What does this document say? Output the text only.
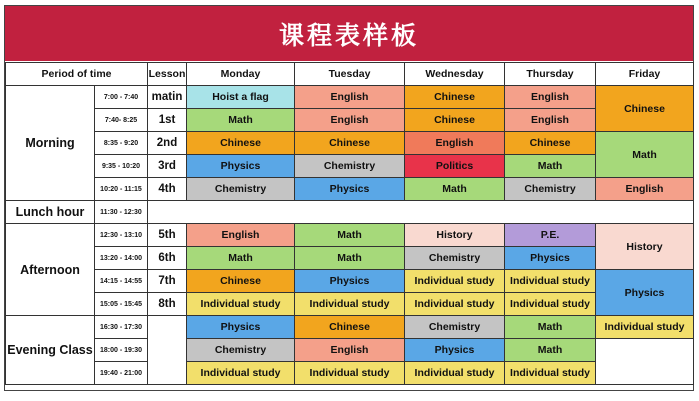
课程表样板
Period of time		Lesson	Monday	Tuesday	Wednesday	Thursday	Friday
Morning	7:00 - 7:40	matin	Hoist a flag	English	Chinese	English	Chinese
	7:40- 8:25	1st	Math	English	Chinese	English	
	8:35 - 9:20	2nd	Chinese	Chinese	English	Chinese	Math
	9:35 - 10:20	3rd	Physics	Chemistry	Politics	Math	
	10:20 - 11:15	4th	Chemistry	Physics	Math	Chemistry	English
Lunch hour	11:30 - 12:30						
Afternoon	12:30 - 13:10	5th	English	Math	History	P.E.	History
	13:20 - 14:00	6th	Math	Math	Chemistry	Physics	
	14:15 - 14:55	7th	Chinese	Physics	Individual study	Individual study	Physics
	15:05 - 15:45	8th	Individual study	Individual study	Individual study	Individual study	
Evening Class	16:30 - 17:30		Physics	Chinese	Chemistry	Math	Individual study
	18:00 - 19:30		Chemistry	English	Physics	Math	
	19:40 - 21:00		Individual study	Individual study	Individual study	Individual study	
